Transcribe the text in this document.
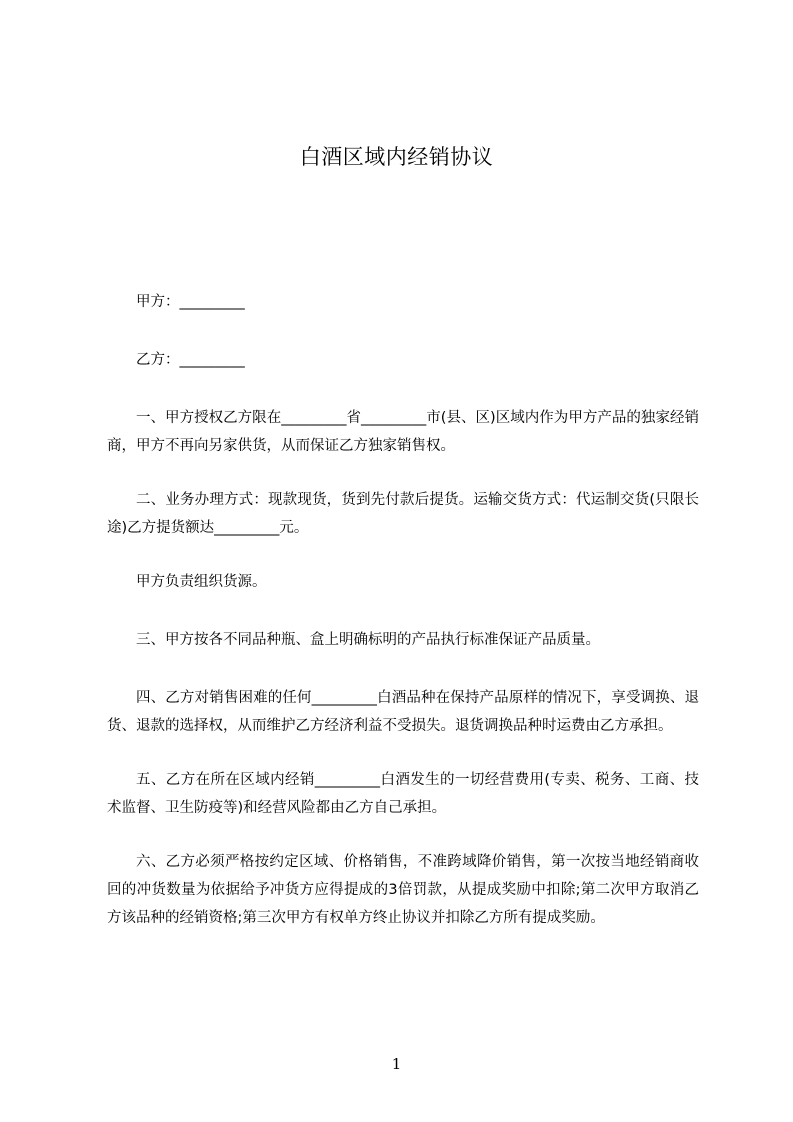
白酒区域内经销协议

甲方：_________

乙方：_________

一、甲方授权乙方限在_________省_________市(县、区)区域内作为甲方产品的独家经销商，甲方不再向另家供货，从而保证乙方独家销售权。

二、业务办理方式：现款现货，货到先付款后提货。运输交货方式：代运制交货(只限长途)乙方提货额达_________元。

甲方负责组织货源。

三、甲方按各不同品种瓶、盒上明确标明的产品执行标准保证产品质量。

四、乙方对销售困难的任何_________白酒品种在保持产品原样的情况下，享受调换、退货、退款的选择权，从而维护乙方经济利益不受损失。退货调换品种时运费由乙方承担。

五、乙方在所在区域内经销_________白酒发生的一切经营费用(专卖、税务、工商、技术监督、卫生防疫等)和经营风险都由乙方自己承担。

六、乙方必须严格按约定区域、价格销售，不准跨域降价销售，第一次按当地经销商收回的冲货数量为依据给予冲货方应得提成的3倍罚款，从提成奖励中扣除;第二次甲方取消乙方该品种的经销资格;第三次甲方有权单方终止协议并扣除乙方所有提成奖励。

1
